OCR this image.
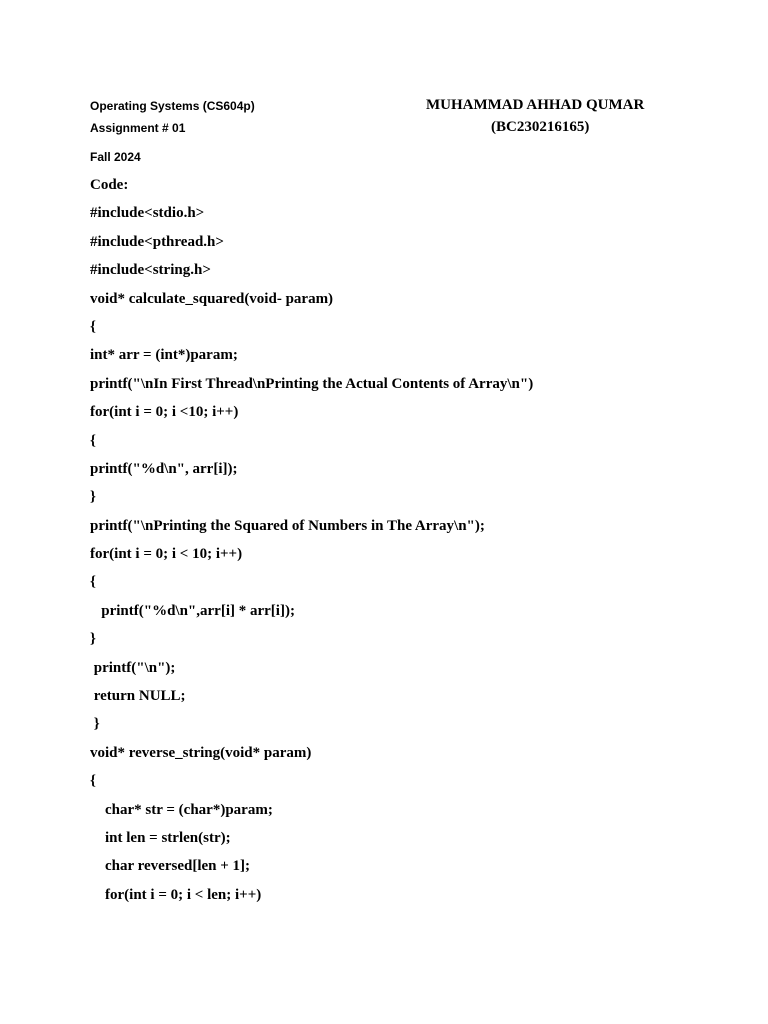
Operating Systems (CS604p)
Assignment # 01
Fall 2024
MUHAMMAD AHHAD QUMAR
(BC230216165)
Code:
#include<stdio.h>
#include<pthread.h>
#include<string.h>
void* calculate_squared(void- param)
{
int* arr = (int*)param;
printf("\nIn First Thread\nPrinting the Actual Contents of Array\n")
for(int i = 0; i <10; i++)
{
printf("%d\n", arr[i]);
}
printf("\nPrinting the Squared of Numbers in The Array\n");
for(int i = 0; i < 10; i++)
{
printf("%d\n",arr[i] * arr[i]);
}
printf("\n");
return NULL;
}
void* reverse_string(void* param)
{
char* str = (char*)param;
int len = strlen(str);
char reversed[len + 1];
for(int i = 0; i < len; i++)
